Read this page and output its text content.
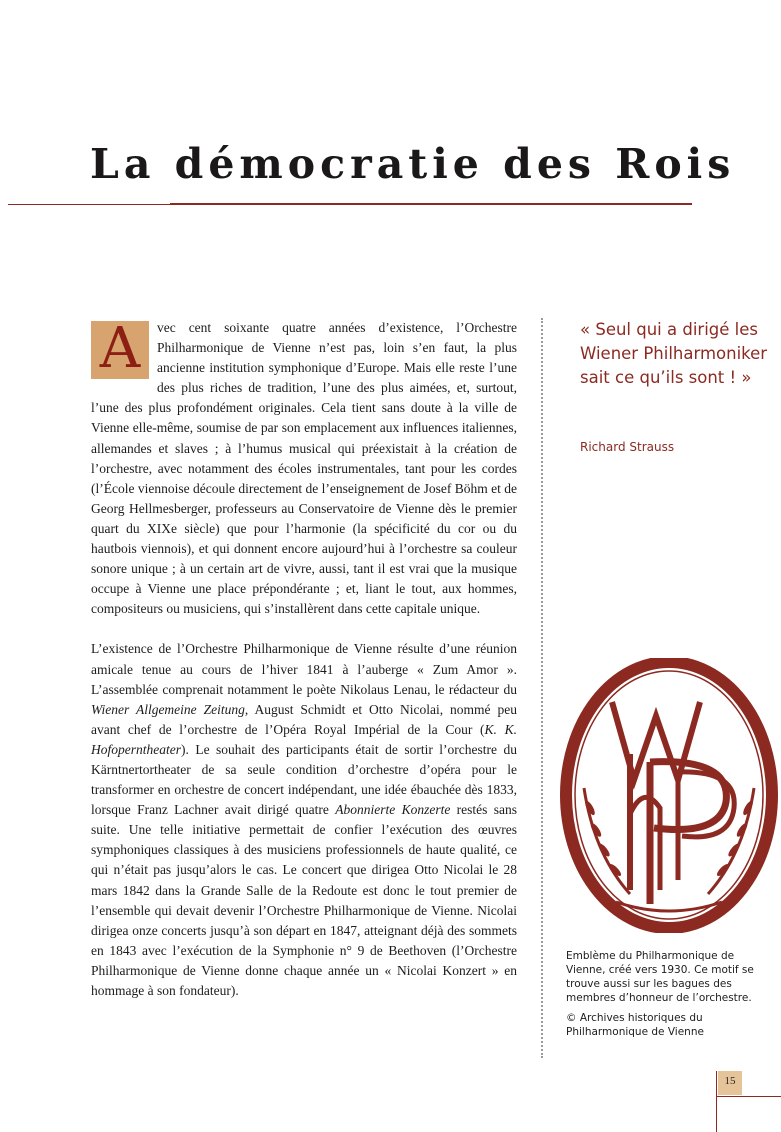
La démocratie des Rois

A	vec cent soixante quatre années d’existence, l’Orchestre Philharmonique de Vienne n’est pas, loin s’en faut, la plus ancienne institution symphonique d’Europe. Mais elle reste l’une des plus riches de tradition, l’une des plus aimées, et, surtout, l’une des plus profondément originales. Cela tient sans doute à la ville de Vienne elle-même, soumise de par son emplacement aux influences italiennes, allemandes et slaves ; à l’humus musical qui préexistait à la création de l’orchestre, avec notamment des écoles instrumentales, tant pour les cordes (l’École viennoise découle directement de l’enseignement de Josef Böhm et de Georg Hellmesberger, professeurs au Conservatoire de Vienne dès le premier quart du XIXe siècle) que pour l’harmonie (la spécificité du cor ou du hautbois viennois), et qui donnent encore aujourd’hui à l’orchestre sa couleur sonore unique ; à un certain art de vivre, aussi, tant il est vrai que la musique occupe à Vienne une place prépondérante ; et, liant le tout, aux hommes, compositeurs ou musiciens, qui s’installèrent dans cette capitale unique.

L’existence de l’Orchestre Philharmonique de Vienne résulte d’une réunion amicale tenue au cours de l’hiver 1841 à l’auberge « Zum Amor ». L’assemblée comprenait notamment le poète Nikolaus Lenau, le rédacteur du Wiener Allgemeine Zeitung, August Schmidt et Otto Nicolai, nommé peu avant chef de l’orchestre de l’Opéra Royal Impérial de la Cour (K. K. Hofoperntheater). Le souhait des participants était de sortir l’orchestre du Kärntnertortheater de sa seule condition d’orchestre d’opéra pour le transformer en orchestre de concert indépendant, une idée ébauchée dès 1833, lorsque Franz Lachner avait dirigé quatre Abonnierte Konzerte restés sans suite. Une telle initiative permettait de confier l’exécution des œuvres symphoniques classiques à des musiciens professionnels de haute qualité, ce qui n’était pas jusqu’alors le cas. Le concert que dirigea Otto Nicolai le 28 mars 1842 dans la Grande Salle de la Redoute est donc le tout premier de l’ensemble qui devait devenir l’Orchestre Philharmonique de Vienne. Nicolai dirigea onze concerts jusqu’à son départ en 1847, atteignant déjà des sommets en 1843 avec l’exécution de la Symphonie n° 9 de Beethoven (l’Orchestre Philharmonique de Vienne donne chaque année un « Nicolai Konzert » en hommage à son fondateur).

« Seul qui a dirigé les Wiener Philharmoniker sait ce qu’ils sont ! »

Richard Strauss

Emblème du Philharmonique de Vienne, créé vers 1930. Ce motif se trouve aussi sur les bagues des membres d’honneur de l’orchestre.

© Archives historiques du Philharmonique de Vienne

15
